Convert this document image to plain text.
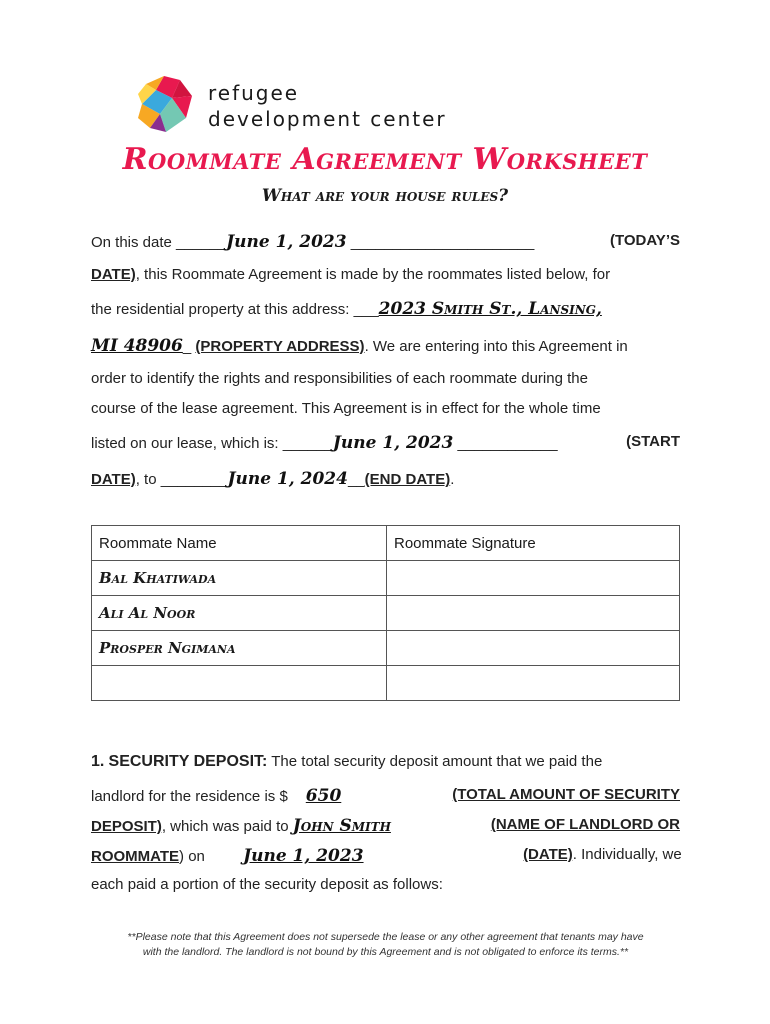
refugee
development center
Roommate Agreement Worksheet
What are your house rules?
On this date ______June 1, 2023 ______________________	(TODAY’S
DATE), this Roommate Agreement is made by the roommates listed below, for
the residential property at this address: ___2023 Smith St., Lansing,
MI 48906_ (PROPERTY ADDRESS). We are entering into this Agreement in
order to identify the rights and responsibilities of each roommate during the
course of the lease agreement. This Agreement is in effect for the whole time
listed on our lease, which is: ______June 1, 2023 ____________	(START
DATE), to ________June 1, 2024__(END DATE).
Roommate Name	Roommate Signature
Bal Khatiwada	
Ali Al Noor	
Prosper Ngimana	

1. SECURITY DEPOSIT: The total security deposit amount that we paid the
landlord for the residence is $ 650	(TOTAL AMOUNT OF SECURITY
DEPOSIT), which was paid to John Smith	(NAME OF LANDLORD OR
ROOMMATE) on June 1, 2023	(DATE). Individually, we
each paid a portion of the security deposit as follows:
**Please note that this Agreement does not supersede the lease or any other agreement that tenants may have
with the landlord. The landlord is not bound by this Agreement and is not obligated to enforce its terms.**
